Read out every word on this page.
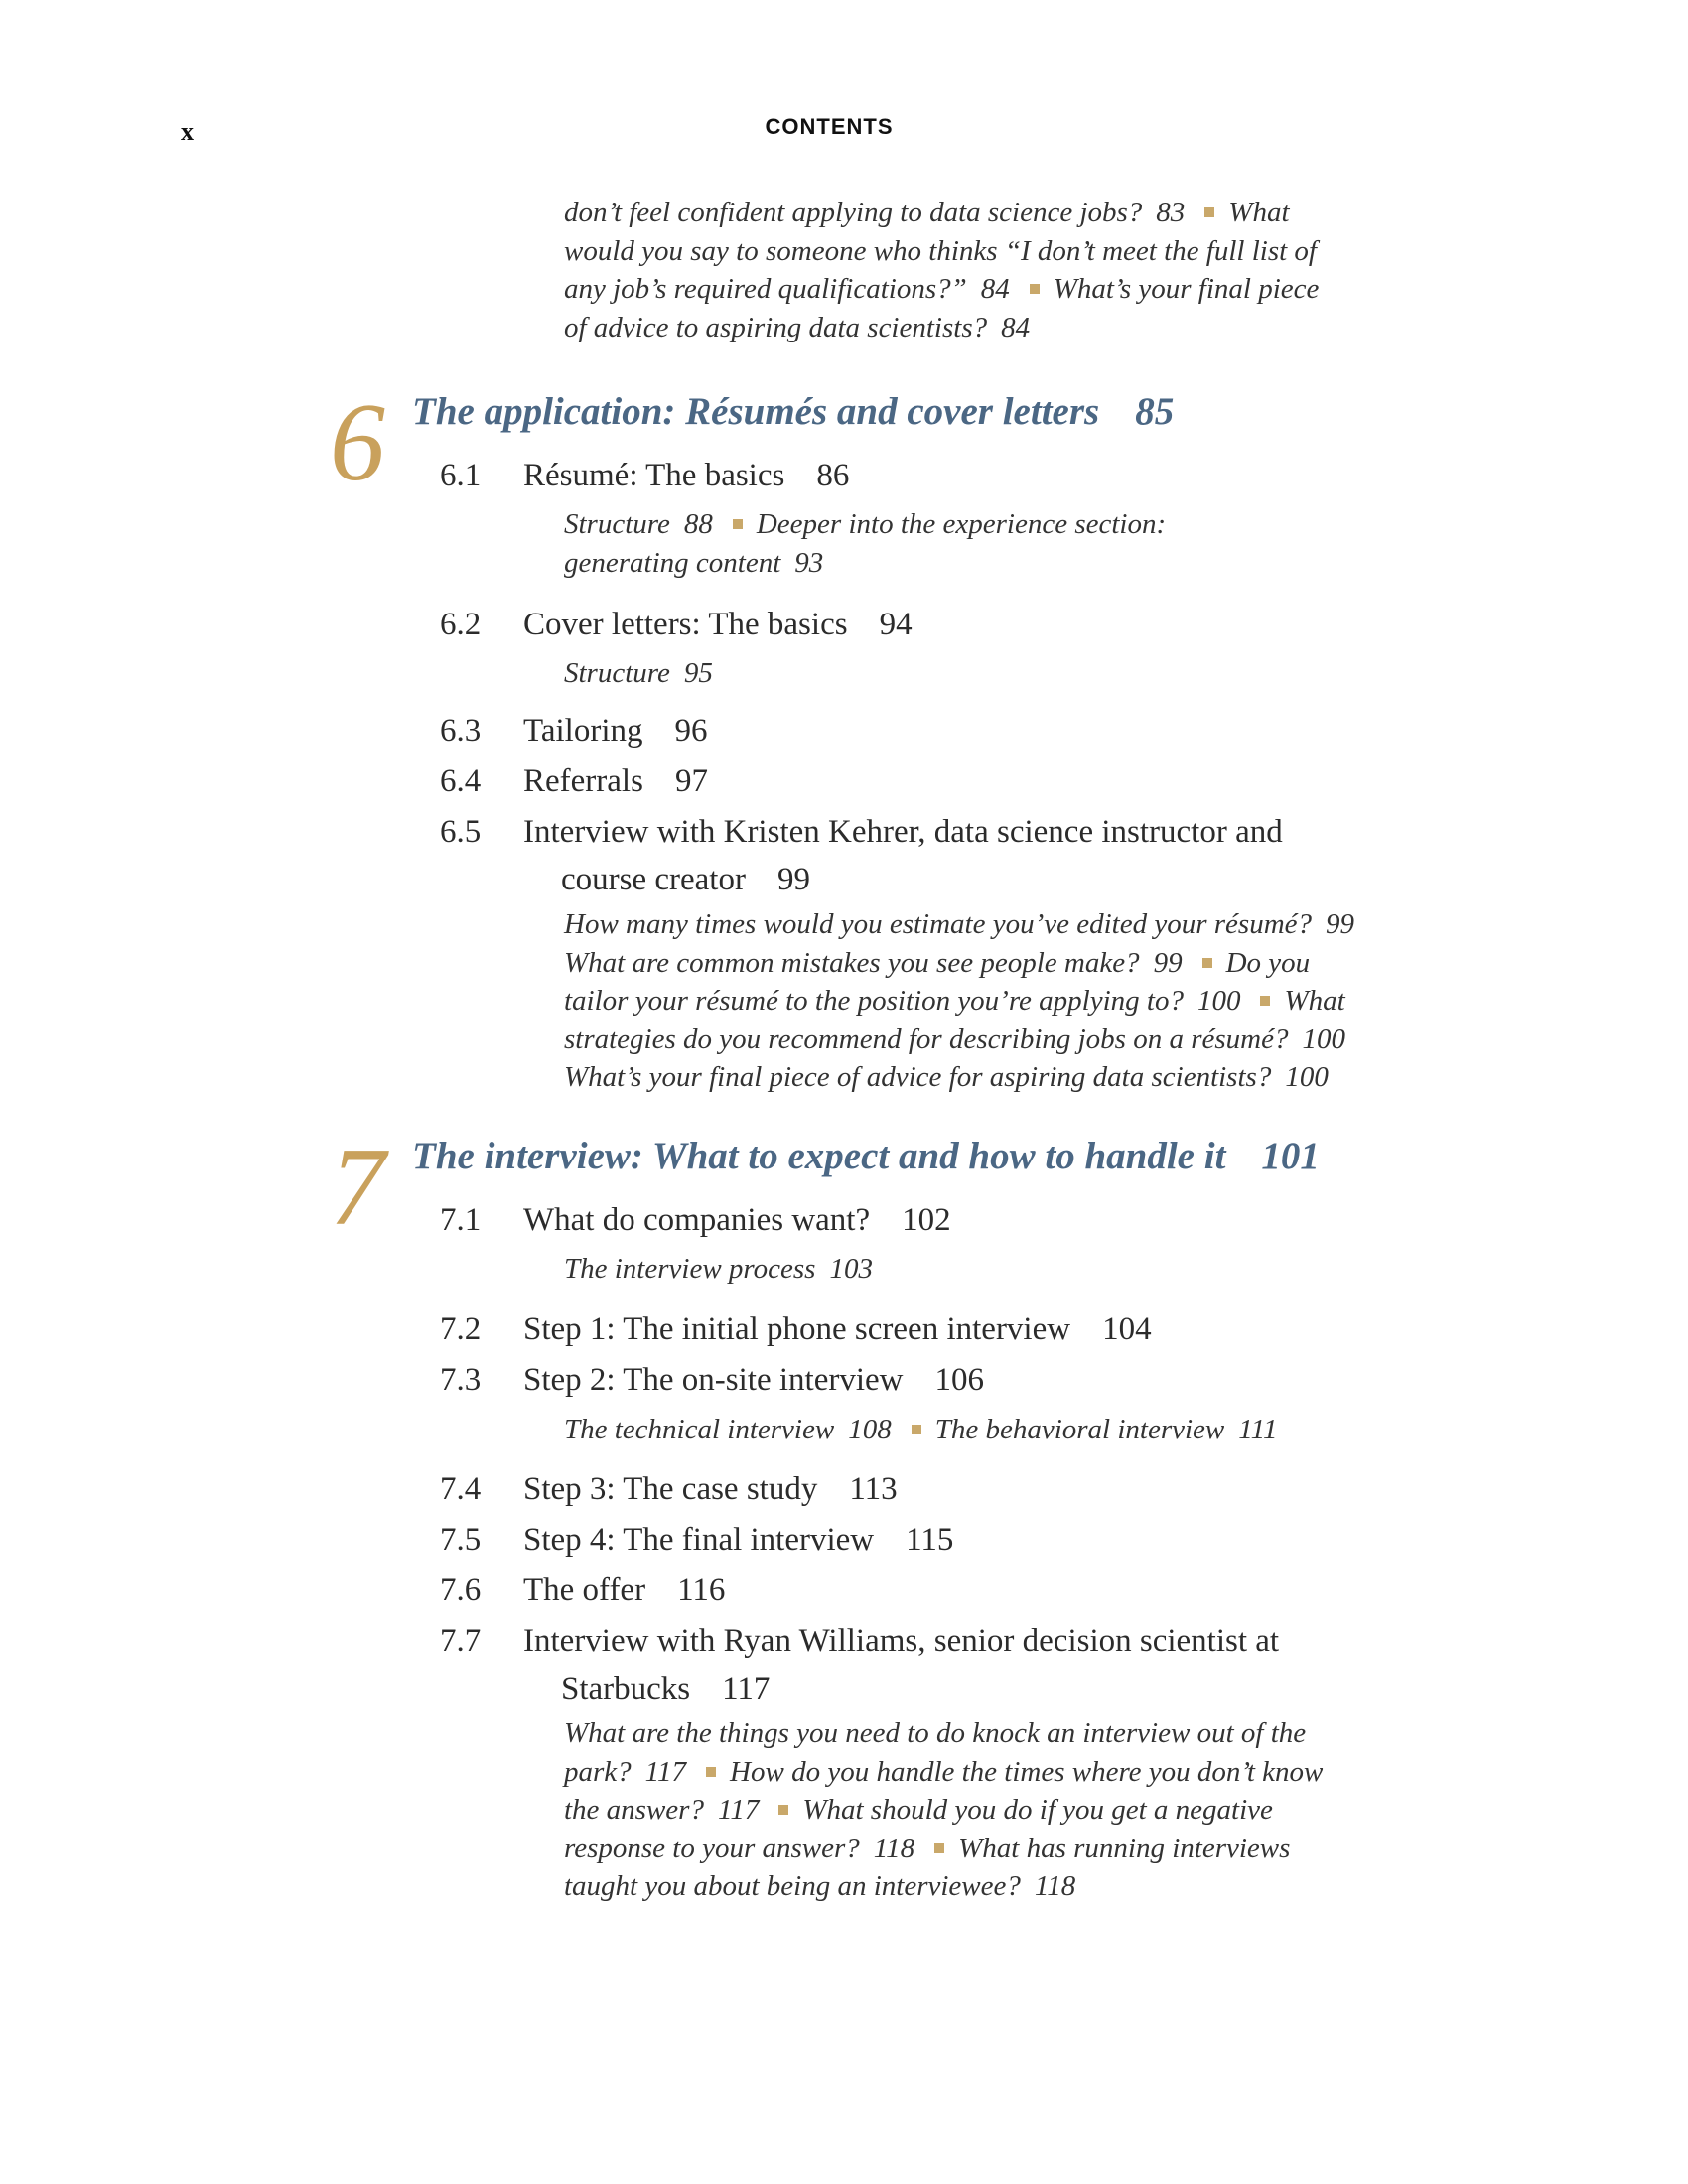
x	CONTENTS
don’t feel confident applying to data science jobs? 83 What
would you say to someone who thinks “I don’t meet the full list of
any job’s required qualifications?” 84 What’s your final piece
of advice to aspiring data scientists? 84
6 The application: Résumés and cover letters 85
6.1 Résumé: The basics 86
Structure 88 Deeper into the experience section:
generating content 93
6.2 Cover letters: The basics 94
Structure 95
6.3 Tailoring 96
6.4 Referrals 97
6.5 Interview with Kristen Kehrer, data science instructor and
course creator 99
How many times would you estimate you’ve edited your résumé? 99
What are common mistakes you see people make? 99 Do you
tailor your résumé to the position you’re applying to? 100 What
strategies do you recommend for describing jobs on a résumé? 100
What’s your final piece of advice for aspiring data scientists? 100
7 The interview: What to expect and how to handle it 101
7.1 What do companies want? 102
The interview process 103
7.2 Step 1: The initial phone screen interview 104
7.3 Step 2: The on-site interview 106
The technical interview 108 The behavioral interview 111
7.4 Step 3: The case study 113
7.5 Step 4: The final interview 115
7.6 The offer 116
7.7 Interview with Ryan Williams, senior decision scientist at
Starbucks 117
What are the things you need to do knock an interview out of the
park? 117 How do you handle the times where you don’t know
the answer? 117 What should you do if you get a negative
response to your answer? 118 What has running interviews
taught you about being an interviewee? 118
